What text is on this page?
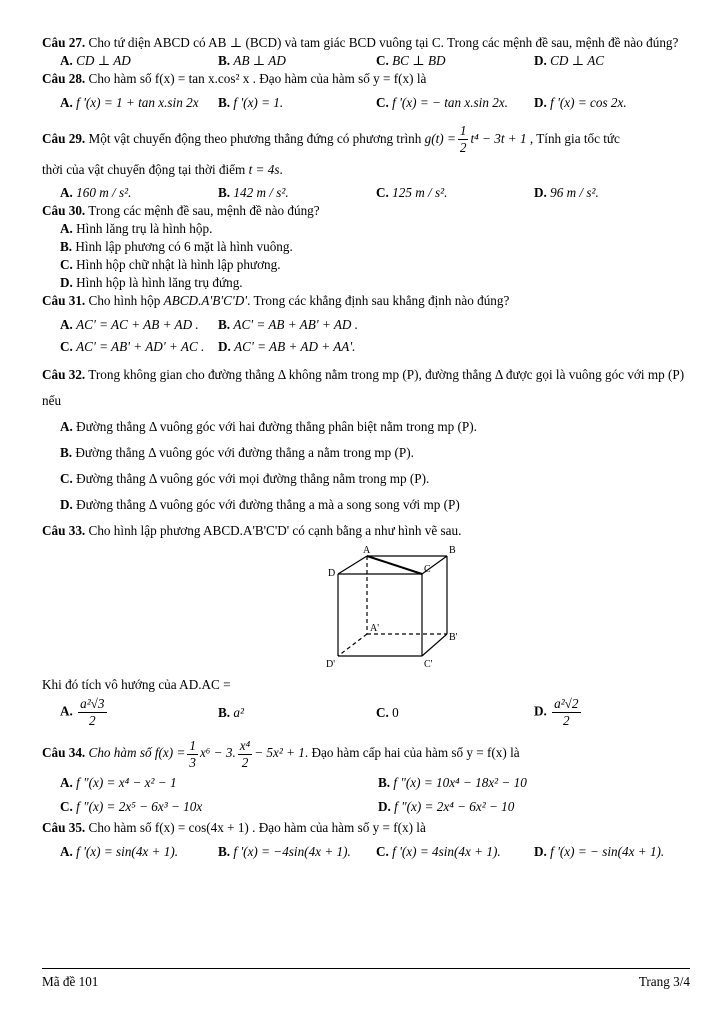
Câu 27. Cho tứ diện ABCD có AB ⊥ (BCD) và tam giác BCD vuông tại C. Trong các mệnh đề sau, mệnh đề nào đúng?

A. CD ⊥ AD	B. AB ⊥ AD	C. BC ⊥ BD	D. CD ⊥ AC

Câu 28. Cho hàm số f(x) = tan x.cos² x . Đạo hàm của hàm số y = f(x) là

A. f '(x) = 1 + tan x.sin 2x	B. f '(x) = 1.	C. f '(x) = − tan x.sin 2x.	D. f '(x) = cos 2x.

Câu 29. Một vật chuyển động theo phương thẳng đứng có phương trình $g(t) = \frac{1}{2} t^4 - 3t + 1$ , Tính gia tốc tức

thời của vật chuyển động tại thời điểm t = 4s.

A. 160 m / s².	B. 142 m / s².	C. 125 m / s².	D. 96 m / s².

Câu 30. Trong các mệnh đề sau, mệnh đề nào đúng?

A. Hình lăng trụ là hình hộp.
B. Hình lập phương có 6 mặt là hình vuông.
C. Hình hộp chữ nhật là hình lập phương.
D. Hình hộp là hình lăng trụ đứng.

Câu 31. Cho hình hộp ABCD.A'B'C'D'. Trong các khẳng định sau khẳng định nào đúng?

A. AC' = AC + AB + AD .	B. AC' = AB + AB' + AD .
C. AC' = AB' + AD' + AC .	D. AC' = AB + AD + AA'.

Câu 32. Trong không gian cho đường thẳng Δ không nằm trong mp (P), đường thẳng Δ được gọi là vuông góc với mp (P) nếu

A. Đường thẳng Δ vuông góc với hai đường thẳng phân biệt nằm trong mp (P).
B. Đường thẳng Δ vuông góc với đường thẳng a nằm trong mp (P).
C. Đường thẳng Δ vuông góc với mọi đường thẳng nằm trong mp (P).
D. Đường thẳng Δ vuông góc với đường thẳng a mà a song song với mp (P)

Câu 33. Cho hình lập phương ABCD.A'B'C'D' có cạnh bằng a như hình vẽ sau.

A	B
C
D
A'
B'
C'
D'

Khi đó tích vô hướng của AD.AC =

A. $\frac{\text{a²√3}}{2}$	B. a²	C. 0	D. $\frac{\text{a²√2}}{2}$

Câu 34. Cho hàm số $f(x) = \frac{1}{3} x^6 - 3$. $\frac{\text{x⁴}}{2} - 5x^2 + 1$. Đạo hàm cấp hai của hàm số y = f(x) là

A. f "(x) = x⁴ − x² − 1	B. f "(x) = 10x⁴ − 18x² − 10
C. f "(x) = 2x⁵ − 6x³ − 10x	D. f "(x) = 2x⁴ − 6x² − 10

Câu 35. Cho hàm số f(x) = cos(4x + 1) . Đạo hàm của hàm số y = f(x) là

A. f '(x) = sin(4x + 1).	B. f '(x) = −4sin(4x + 1).	C. f '(x) = 4sin(4x + 1).	D. f '(x) = − sin(4x + 1).
Mã đề 101	Trang 3/4
